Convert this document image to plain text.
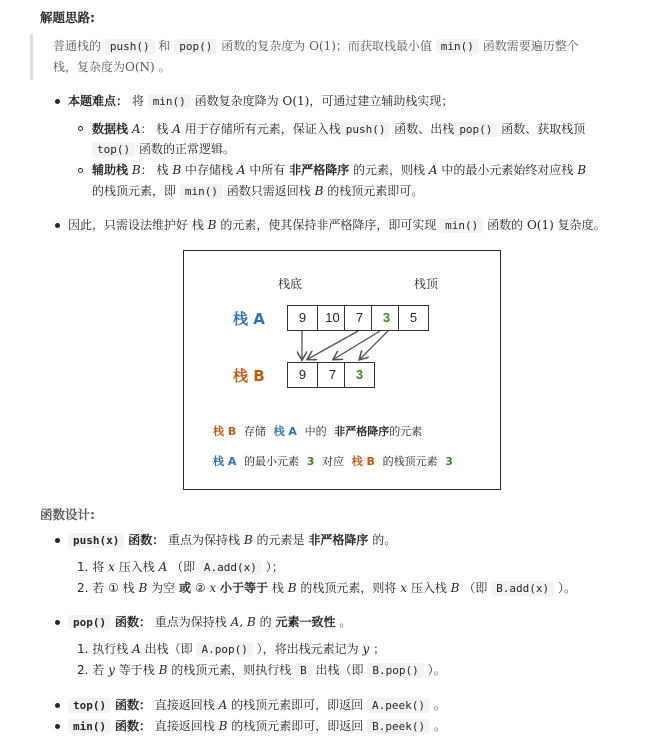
解题思路:
普通栈的 push() 和 pop() 函数的复杂度为 O(1)；而获取栈最小值 min() 函数需要遍历整个
栈，复杂度为O(N) 。
本题难点： 将 min() 函数复杂度降为 O(1)，可通过建立辅助栈实现；
数据栈 A： 栈 A 用于存储所有元素，保证入栈 push() 函数、出栈 pop() 函数、获取栈顶
top() 函数的正常逻辑。
辅助栈 B： 栈 B 中存储栈 A 中所有 非严格降序 的元素，则栈 A 中的最小元素始终对应栈 B
的栈顶元素，即 min() 函数只需返回栈 B 的栈顶元素即可。
因此，只需设法维护好 栈 B 的元素，使其保持非严格降序，即可实现 min() 函数的 O(1) 复杂度。
栈底	栈顶
栈 A
栈 B
9	10	7	3	5
9	7	3
栈 B 存储 栈 A 中的 非严格降序的元素
栈 A 的最小元素 3 对应 栈 B 的栈顶元素 3
函数设计:
push(x) 函数： 重点为保持栈 B 的元素是 非严格降序 的。
1. 将 x 压入栈 A （即 A.add(x) ）；
2. 若 ① 栈 B 为空 或 ② x 小于等于 栈 B 的栈顶元素，则将 x 压入栈 B （即 B.add(x) ）。
pop() 函数： 重点为保持栈 A, B 的 元素一致性 。
1. 执行栈 A 出栈（即 A.pop() ），将出栈元素记为 y ；
2. 若 y 等于栈 B 的栈顶元素，则执行栈 B 出栈（即 B.pop() ）。
top() 函数： 直接返回栈 A 的栈顶元素即可，即返回 A.peek() 。
min() 函数： 直接返回栈 B 的栈顶元素即可，即返回 B.peek() 。
